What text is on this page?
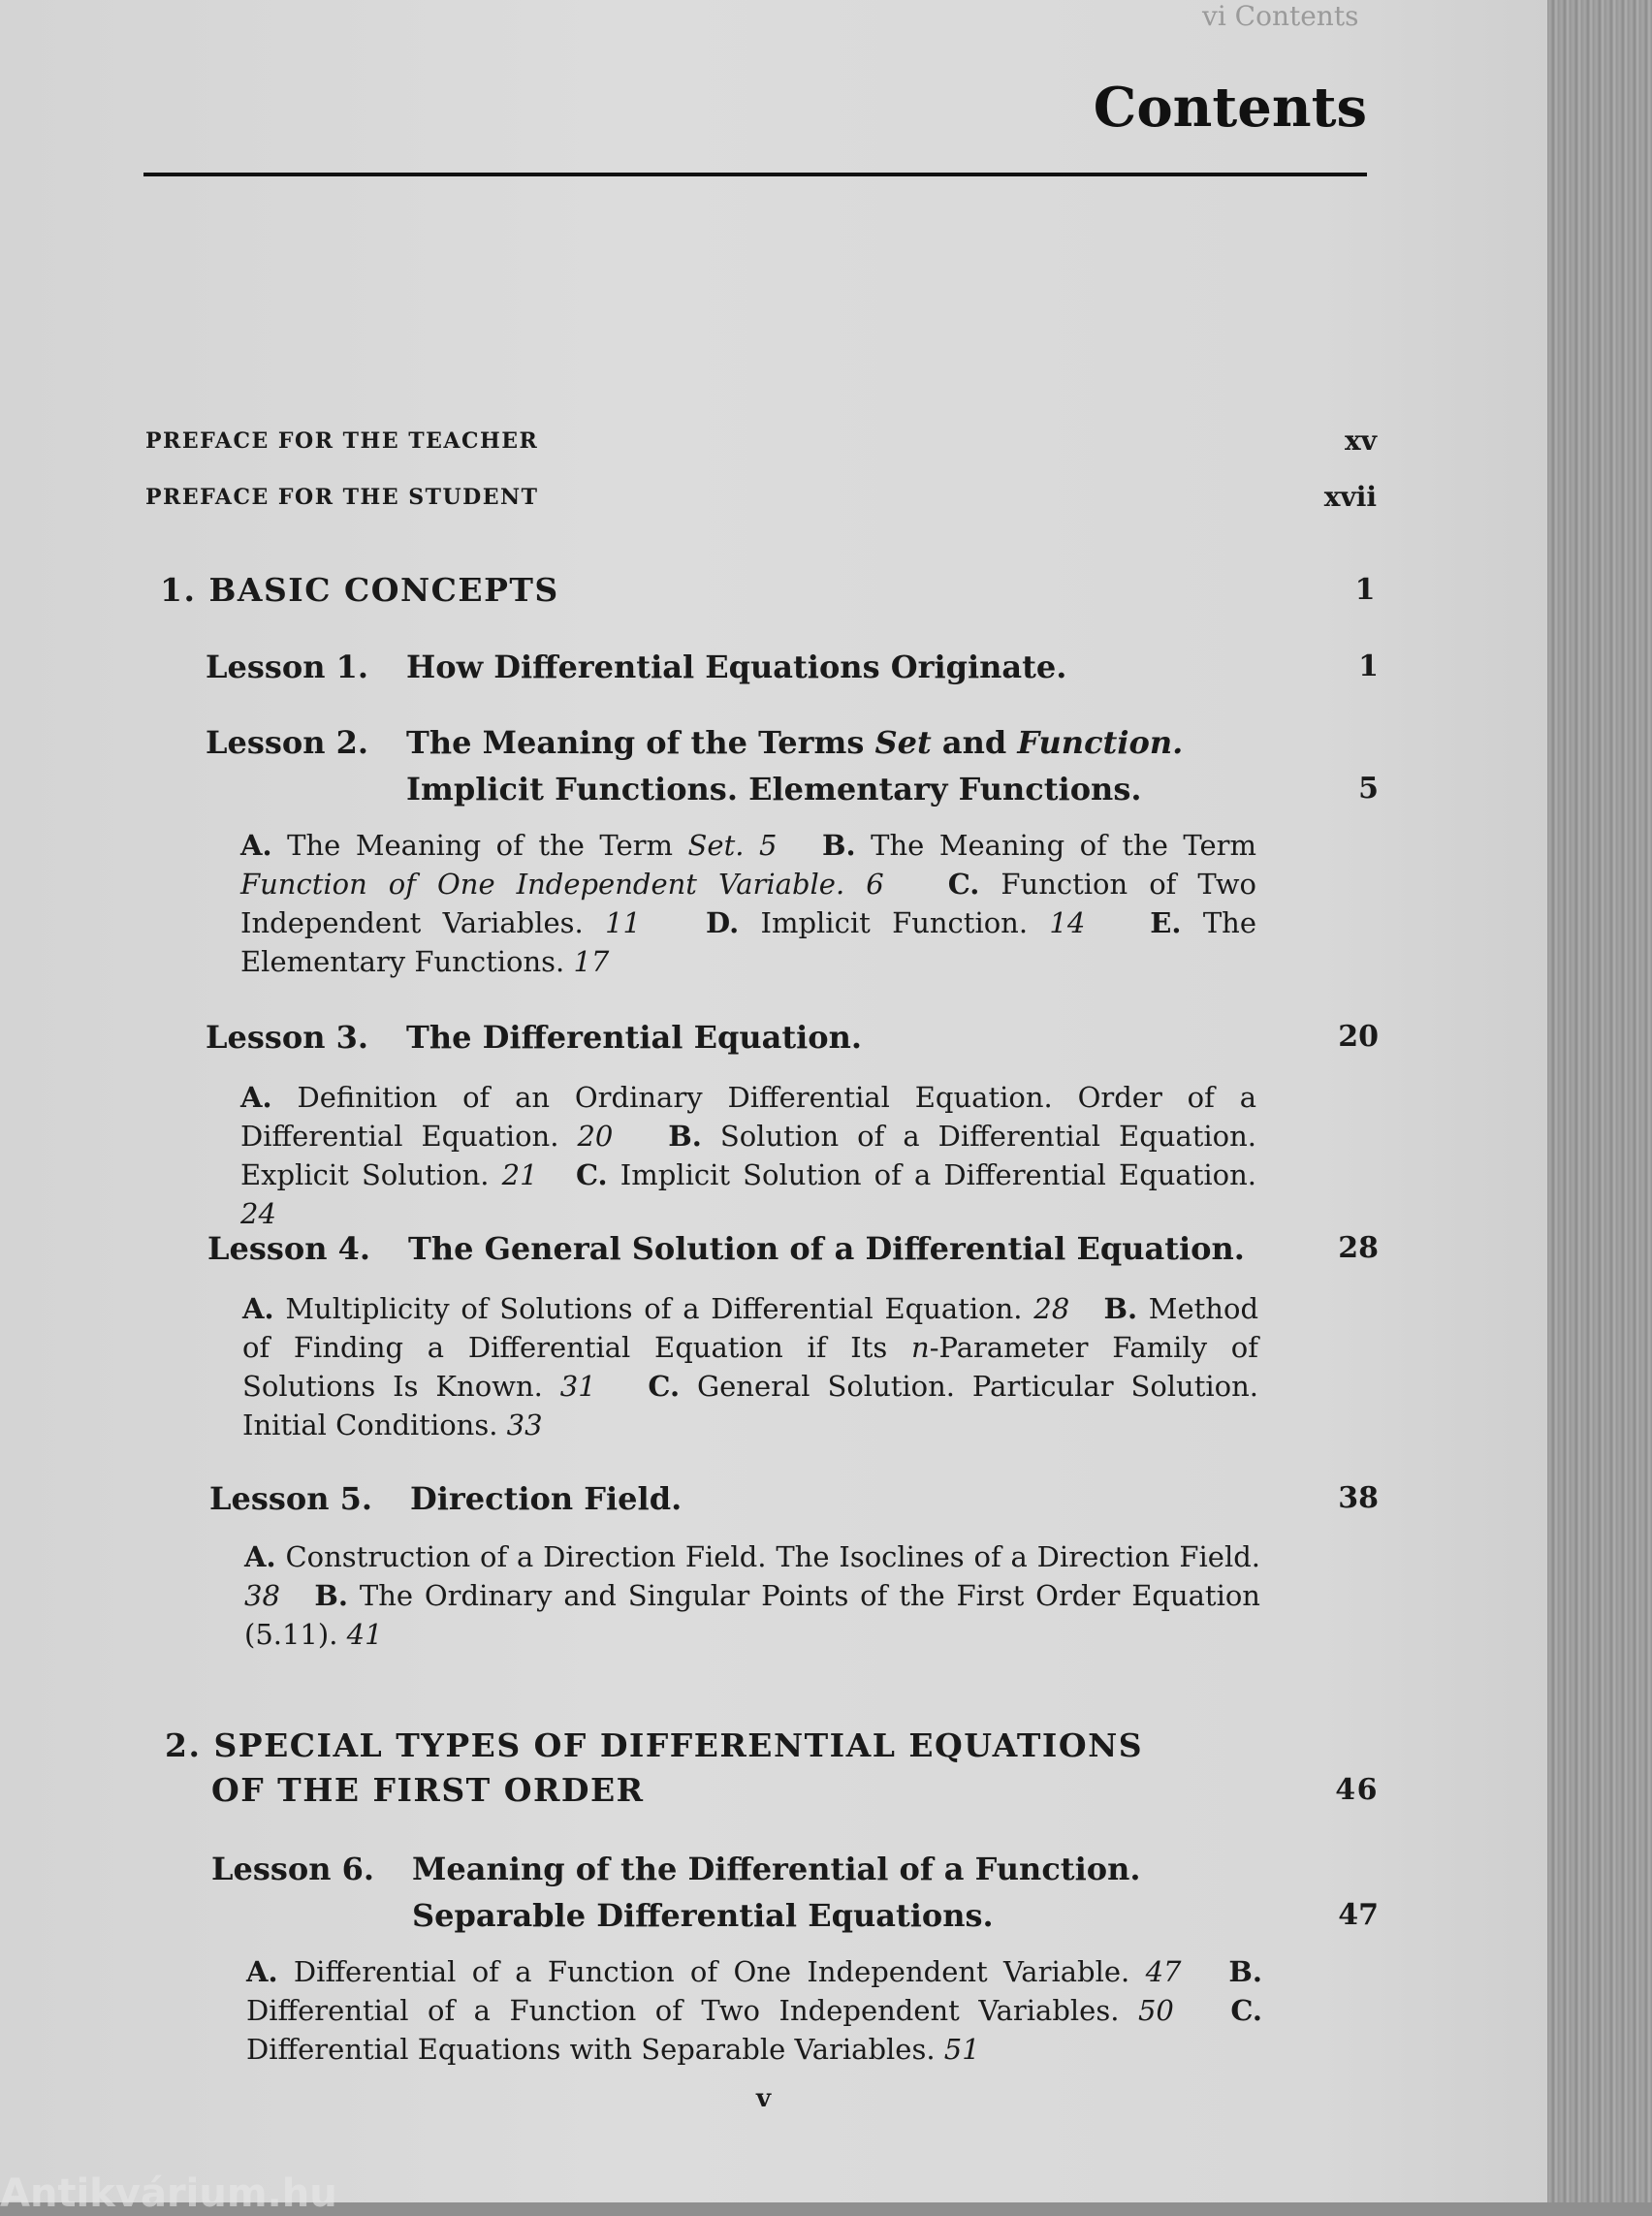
vi Contents
Contents
PREFACE FOR THE TEACHER	xv
PREFACE FOR THE STUDENT	xvii
1. BASIC CONCEPTS	1
Lesson 1. How Differential Equations Originate.	1
Lesson 2. The Meaning of the Terms Set and Function. Implicit Functions. Elementary Functions.	5
A. The Meaning of the Term Set. 5 B. The Meaning of the Term Function of One Independent Variable. 6 C. Function of Two Independent Variables. 11 D. Implicit Function. 14 E. The Elementary Functions. 17
Lesson 3. The Differential Equation.	20
A. Definition of an Ordinary Differential Equation. Order of a Differential Equation. 20 B. Solution of a Differential Equation. Explicit Solution. 21 C. Implicit Solution of a Differential Equation. 24
Lesson 4. The General Solution of a Differential Equation.	28
A. Multiplicity of Solutions of a Differential Equation. 28 B. Method of Finding a Differential Equation if Its n-Parameter Family of Solutions Is Known. 31 C. General Solution. Particular Solution. Initial Conditions. 33
Lesson 5. Direction Field.	38
A. Construction of a Direction Field. The Isoclines of a Direction Field. 38 B. The Ordinary and Singular Points of the First Order Equation (5.11). 41
2. SPECIAL TYPES OF DIFFERENTIAL EQUATIONS
OF THE FIRST ORDER	46
Lesson 6. Meaning of the Differential of a Function.
Separable Differential Equations.	47
A. Differential of a Function of One Independent Variable. 47 B. Differential of a Function of Two Independent Variables. 50 C. Differential Equations with Separable Variables. 51
v
Antikvárium.hu
